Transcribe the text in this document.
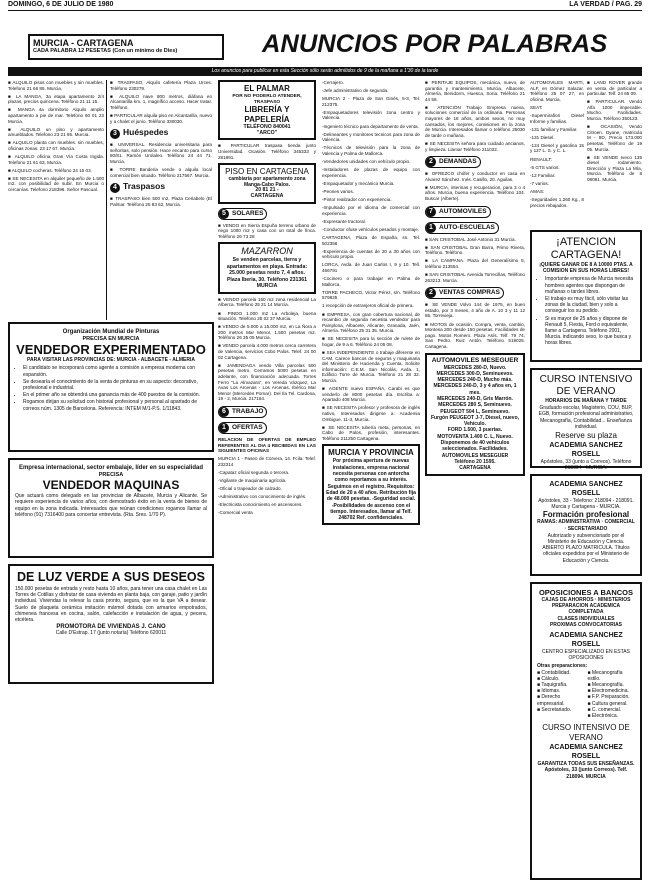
DOMINGO, 6 DE JULIO DE 1980	LA VERDAD / PAG. 29
MURCIA - CARTAGENA
CADA PALABRA 12 PESETAS (Con un mínimo de Dies)	ANUNCIOS POR PALABRAS
Los anuncios para publicar en esta Sección sólo serán admitidos de 9 de la mañana a 1'30 de la tarde

■ ALQUILO pisos con muebles y sin muebles. Telefono 21 66 85. Murcia.

■ LA MANGA, 3a etapa apartamento 2/4 plazas, precios quincena. Teléfono 21 11 15.

■ MANGA 4a dormitorio Alquilo amplio apartamento a pie de mar. Telefono 60 01 23 Murcia.

■ ALQUILO un piso y apartamento amueblados. Telefono 23 21 95. Murcia.

■ ALQUILO planta con muebles. sin muebles, oficinas zonas. 23 17 67. Murcia.

■ ALQUILO oficina Gran Vía Costa Ingida. Telefono 21 61 63, Murcia.

■ ALQUILO cocheras. Teléfono 24 15 03.

■ SE NECESITA en alquiler pequeño de 1.500 m2. con posibilidad de subir. En Murcia o cercanías. Telefono 218396. Señor Pascual.

■ TRASPASO, Alquilo cafetería Plaza Urces. Teléfono 230279.

■ ALQUILO nave 800 metros, diáfana en Alcantarilla km. 1, magnífico acceso. Hacer tratar. Teléfono.

■ PARTICULAR alquila piso en Alcantarilla, nuevo y a chalet el junio. Teléfono 330030.

3 Huéspedes

■ UNIVERSAL. Residencia universitaria para señoritas, solo pensión. Hace encanto para curso 80/81. Ramón Urolaleo. Teléfono 24 44 71. Murcia.

■ TORRE Banderia vende o alquila local comercial bien situado. Teléfono 217567. Murcia.

4 Traspasos

■ TRASPASO bien 500 m2, Plaza Ceriabelo (El Palmar. Teléfono 25 83 62, Murcia.

Organización Mundial de Pinturas
PRECISA EN MURCIA
VENDEDOR EXPERIMENTADO
PARA VISITAR LAS PROVINCIAS DE: MURCIA - ALBACETE - ALMERIA
• El candidato se incorporará como agente a comisión a empresa moderna con expansión.
• Se desearía el conocimiento de la venta de pinturas en su aspecto: decorativo, profesional e industrial.
• En el primer año se obtendrá una ganancia más de 400 puestos de la comisión.
• Rogamos dirijan su solicitud con historial profesional y personal al apartado de correos núm. 1305 de Barcelona. Referencia: INTEM M/1-P.S. 1/11843.
Empresa internacional, sector embalaje, líder en su especialidad
PRECISA
VENDEDOR MAQUINAS

Que actuará como delegado en las provincias de Albacete, Murcia y Alicante. Se requiere experiencia de varios años, con demostrado éxito en la venta de bienes de equipo en la zona indicada. Interesados que reúnan condiciones rogamos llamar al teléfono (91) 7316400 para concertar entrevista. (Rta. Sres. 1/70 P).

DE LUZ VERDE A SUS DESEOS

150.000 pesetas de entrada y resto hasta 10 años, para tener una casa chalet en Las Torres de Cotillas y disfrutar de casa vivienda en planta baja, con garaje, patio y jardín individual. Viviendas la relevar la casa pronto, segura, que es la que VA a desear. Suelo de plaqueta cerámica imitación mármol dotada con armarios empotrados, chimenea francesa en cocina, salón, calefacción e instalación de agua, y pecera, etcétera.

PROMOTORA DE VIVIENDAS J. CANO
Calle D'Estrap. 17 (junto notaría) Teléfono 620011
EL PALMAR
POR NO PODERLO ATENDER, TRASPASO
LIBRERÍA Y PAPELERÍA
TELÉFONO 840041
"ARCO"

■ PARTICULAR traspasa tienda junto Universidad. Ocasión. Teléfono 345333 y 281891.

PISO EN CARTAGENA
cambiaría por apartamento zona Manga-Cabo Palos.
20 81 21 -
CARTAGENA
5 SOLARES

■ VENDO en Sierra Espuña terreno urbano de riego 1000 m2 y casa con un total de finca. Teléfono 26 73 28

MAZARRON
Se venden parcelas, tierra y apartamentos en playa. Entrada: 25.000 pesetas resto 7, 4 años. Plaza Iberia, 30. Teléfono 231361 MURCIA

■ VENDO parcela 150 m2 zona residencial La Alberca. Teléfono 25 21 14 Murcia.

■ PINDO 1.000 m2 La Arboleja, buena situación. Telefono 25 02 37 Murcia.

■ VENDO de 5.000 a 15.000 m2, en La Ñora a 200 metros Mar Menor. 1.500 pesetas m2. Teléfono 26 35 05 Murcia.

■ VENDO parcela 4.000 metros cerca carretera de Valencia, servicios Cobo Palos. Telef. 24 00 02 Cartagena.

■ JAMENDAGA vendo Villa parcelas 500 pesetas metro. Cerramos 5000 pesetas en adelante, con financiación adecuada. Torres Ferro "La Almazara", en Vereda Vázquez, La Avas Los Arcenas - Los Arcenas. Ibérico Mar Menor (Mercedes Pomar). Del Ila Tel. Cardona, 19 - 2, Murcia. 217164.

6 TRABAJO
1 OFERTAS

RELACION DE OFERTAS DE EMPLEO REFERENTES AL DIA 4 RECIBIDAS EN LAS SIGUIENTES OFICINAS

MURCIA 1 - Paseo de Corvera, 14. Fcila: Telef. 232314

-Capataz oficial segunda o tercera.

-Vigilante de maquinaria agrícola.

-Oficial o trapeador de calzado.

-Administrativo con conocimiento de inglés.

-Electricista conocimiento en ascensores.

-Comercial venta

-Cerrajero.

-Jefe administrativo de segunda.

MURCIA 2 - Plaza de San Ginés, 5-3, Tel. 212375.

-Empaquetadores televisión zona centro y Valencia.

-Ingeniero técnico para departamento de venta.

-Delineantes y monitores tecnicos para zona de Valencia.

-Técnicos de televisión para la zona de Valencia y Palma de Mallorca.

-Vendedores unidades con vehículo propio.

-Instaladores de plazas de equipo con experiencia.

-Empaquetador y mecánico Murcia.

-Peones varios.

-Pintor realizador con experiencia.

-Impulsado por el idioma de comercial con experiencia.

-Expresante tractoral.

-Conductor ofuse vehículos pesados y montaje.

CARTAGENA, Plaza de España, sn. Tel. 502358

-Experiencia de cuentas de 20 a 30 años con vehículo propio.

LORCA, Avda. de Juan Carlos I, 9 y 10. Tell. 466791

-Cocinero o para trabajar en Palma de Mallorca.

TORRE PACHECO, Victor Pérez, s/n. Teléfono 579825

1 recepción de extranjeros oficial de primera.

■ EMPRESA, con gran cobertura nacional, de recambio de segunda necesita vendedor para Pamplona, Albacete, Alicante, Granada, Jaén, Almería. Teléfono 25 31 35. Murcia.

■ SE NECESITA para la sección de rulete de hogar, de 9 a 6. Teléfono 24 05 08.

■ SEA INDEPENDIENTE o trabaje diferente en CAM. Carece bancos de seguros y maquinaria del Ministerio de Hacienda y Cuenta. Solicite información: C.E.M. San Nicolás, Avda. 1, Edificio Torre de Murcia. Teléfono 21 28 32. Murcia.

■ AGENTE nuevo ESPAÑA, Carabi es que venderlo de 8000 pesetas día. Escriba a: Apartado 408 Murcia.

■ SE NECESITA profesor y profesora de inglés nativo, Interesados dirigirse a: Academia Ombigue. 11-3, Murcia.

■ SE NECESITA tubería meta, personas, en Cabo de Palos, profesión, interesantes. Teléfono 211250 Cartagena.

MURCIA Y PROVINCIA
Por próxima apertura de nuevas instalaciones, empresa nacional necesita personas con antorcha como reportamos a su interés. Seguimos en el registro. Requisitos: Edad de 20 a 40 años. Retribución fija de 48.000 pesetas. -Seguridad social. -Posibilidades de ascenso con el tiempo. Interesados, llamar al Telf. 248702 Ref. confidenciales.

■ PERITAJE EQUIPOS, mecánica, nuevo, de garantía y mantenimiento, Murcia, Albacete, Almería, Benidorm, Huesca, Soria. Teléfono 21 44 58.

■ ATENCIÓN Trabajo Empresa nueva, soluciones comercial de la ordinaria. Personas mayores de 18 años, ambos sexos, no muy cansados, los mejores, comisiones en la zona de Murcia. Interesados llamar o teléfono 25030 de tarde o mañana.

■ SE NECESITA señora para cuidado ancianos, y limpieza. Llamar Teléfono 211022.

2 DEMANDAS

■ OFREZCO chófer y conductor en casa en Alvarez Sánchez. Inés. Casillo, 20. Aguilas.

■ MURCIA, interinas y recuperacion, para 3 o 4 años. Murcia, buena experiencia. Teléfono 104. Buscar (Alberte).

7 AUTOMOVILES
1 AUTO-ESCUELAS

■ SAN CRISTOBAL José Antonio 31 Murcia.

■ SAN CRISTOBAL Gran Barra, Primo Rivera, Teléfono. Teléfono.

■ LA CAMPANA. Plaza del Generalísimo 5, teléfono 213554.

■ SAN CRISTOBAL Avenida Torrecillas, Teléfono 263213. Murcia.

2 VENTAS COMPRAS

■ SE VENDE Volvo 144 de 1975, en buen estado, por 3 meses, 4 año de A. 10 3 y 11 12 85. Torrevieja.

■ MOTOS de ocasión. Compra, venta, cambio, Montesa 200 desde 150 pesetas. Facilidades de pago. Motos Romero. Plaza Asís. Telf. 79 74. San Pedro. Ruiz Antón. Teléfono 519025. Cartagena.

AUTOMOVILES MESEGUER
MERCEDES 280-D, Nuevo.
MERCEDES 300-D, Seminuevos.
MERCEDES 240-D, Mucho más.
MERCEDES 240-D, 3 y 4 años en, 1 mes.
MERCEDES 240-D, Gris Marrón.
MERCEDES 280 S, Seminuevo.
PEUGEOT 504 L, Seminuevo.
Furgón PEUGEOT J-7, Diesel, nuevo, Vehículo.
FORD 1.500, 3 puertas.
MOTOVENTA 1.400 C. L, Nuevo.
Disponemos de 40 vehículos seleccionados. Facilidades.
AUTOMOVILES MESEGUER
Teléfono 20 1595.
CARTAGENA

AUTOMOVILES MARTI, ALF, en Gómez Salazar. Teléfono 25 07 27, en oficina. Murcia.

SEAT:

-Supermirafiori Diesel Informe y familias.

-131 familiar y Familiar.

-131 Diesel.

-124 Diesel y gasolina 15 y 127 L. S. y C. L.

RENAULT:

-5 GTS varios.

-12 Familiar.

-7 varios.

AMAS:

-Seguridades 1.260 Kg., 8 precios rebajados.

■ LAND ROVER grande en venta de particular a particular. Telf. 24 65 09.

■ PARTICULAR. Vendo Alfa 1000 impecable. Mucho. Facilidades. Murcia. Teléfono 350123.

■ OCASIÓN, Vendo Citroen. Dyane, matricula M - 8D, Precio 173.000 pesetas. Teléfono de 19 05. Murcia.

■ SE VENDE Iveco 135 diesel rodamiento. Dirección y Plaza La Mía, Murcia. Teléfono de 8 08081. Murcia.

¡ATENCION CARTAGENA!
¡QUIERE GANAR DE 8 A 10000 PTAS. A COMISION EN SUS HORAS LIBRES!
• Importante empresa de Murcia necesita hombres agentes que dispongan de mañanas o tardes libres.
• El trabajo es muy fácil, sólo visitar las zonas de la ciudad, bien y solo a conseguir los su pedido.
• Si es mayor de 25 años y dispone de Renault 5, Fiesta, Ford o equivalente, llame a Cartagena. Teléfono 2001, Murcia. indicando sexo, lo que busca y horas libres.
CURSO INTENSIVO DE VERANO
HORARIOS DE MAÑANA Y TARDE

Graduado escolar, Magisterio, COU, BUP, EGB, formación profesional administrativo, Mecanografía, Contabilidad... Enseñanza individual.

Reserve su plaza
ACADEMIA SANCHEZ ROSELL
Apóstoles, 33 (junto a Correos). Teléfono 218094 - MURCIA.
ACADEMIA SANCHEZ ROSELL
Apóstoles, 33 - Telefono: 218094 - 218091. Murcia y Cartagena - MURCIA.
Formación profesional
RAMAS: ADMINISTRATIVA · COMERCIAL · SECRETARIADO

Autorizado y subvencionado por el Ministerio de Educación y Ciencia. ABIERTO PLAZO MATRICULA. Títulos oficiales expedidos por el Ministerio de Educación y Ciencia.

OPOSICIONES A BANCOS
CAJAS DE AHORROS · MINISTERIOS
PREPARACION ACADEMICA COMPLETADA
CLASES INDIVIDUALES
PROXIMAS CONVOCATORIAS
ACADEMIA SANCHEZ ROSELL
CENTRO ESPECIALIZADO EN ESTAS OPOSICIONES
Otras preparaciones:
■ Contabilidad.
■ Cálculo.
■ Taquigrafía.
■ Idiomas.
■ Derecho empresarial.
■ Secretariado.
■ Mecanografía estilo.
■ Mecanografía.
■ Electromedicina.
■ F.P. Preparación.
■ Cultura general.
■ C. comercial.
■ Electrónica.
CURSO INTENSIVO DE VERANO
ACADEMIA SANCHEZ ROSELL
GARANTIZA TODAS SUS ENSEÑANZAS. Apóstoles, 33 (junto Correos). Telf. 218094. MURCIA
